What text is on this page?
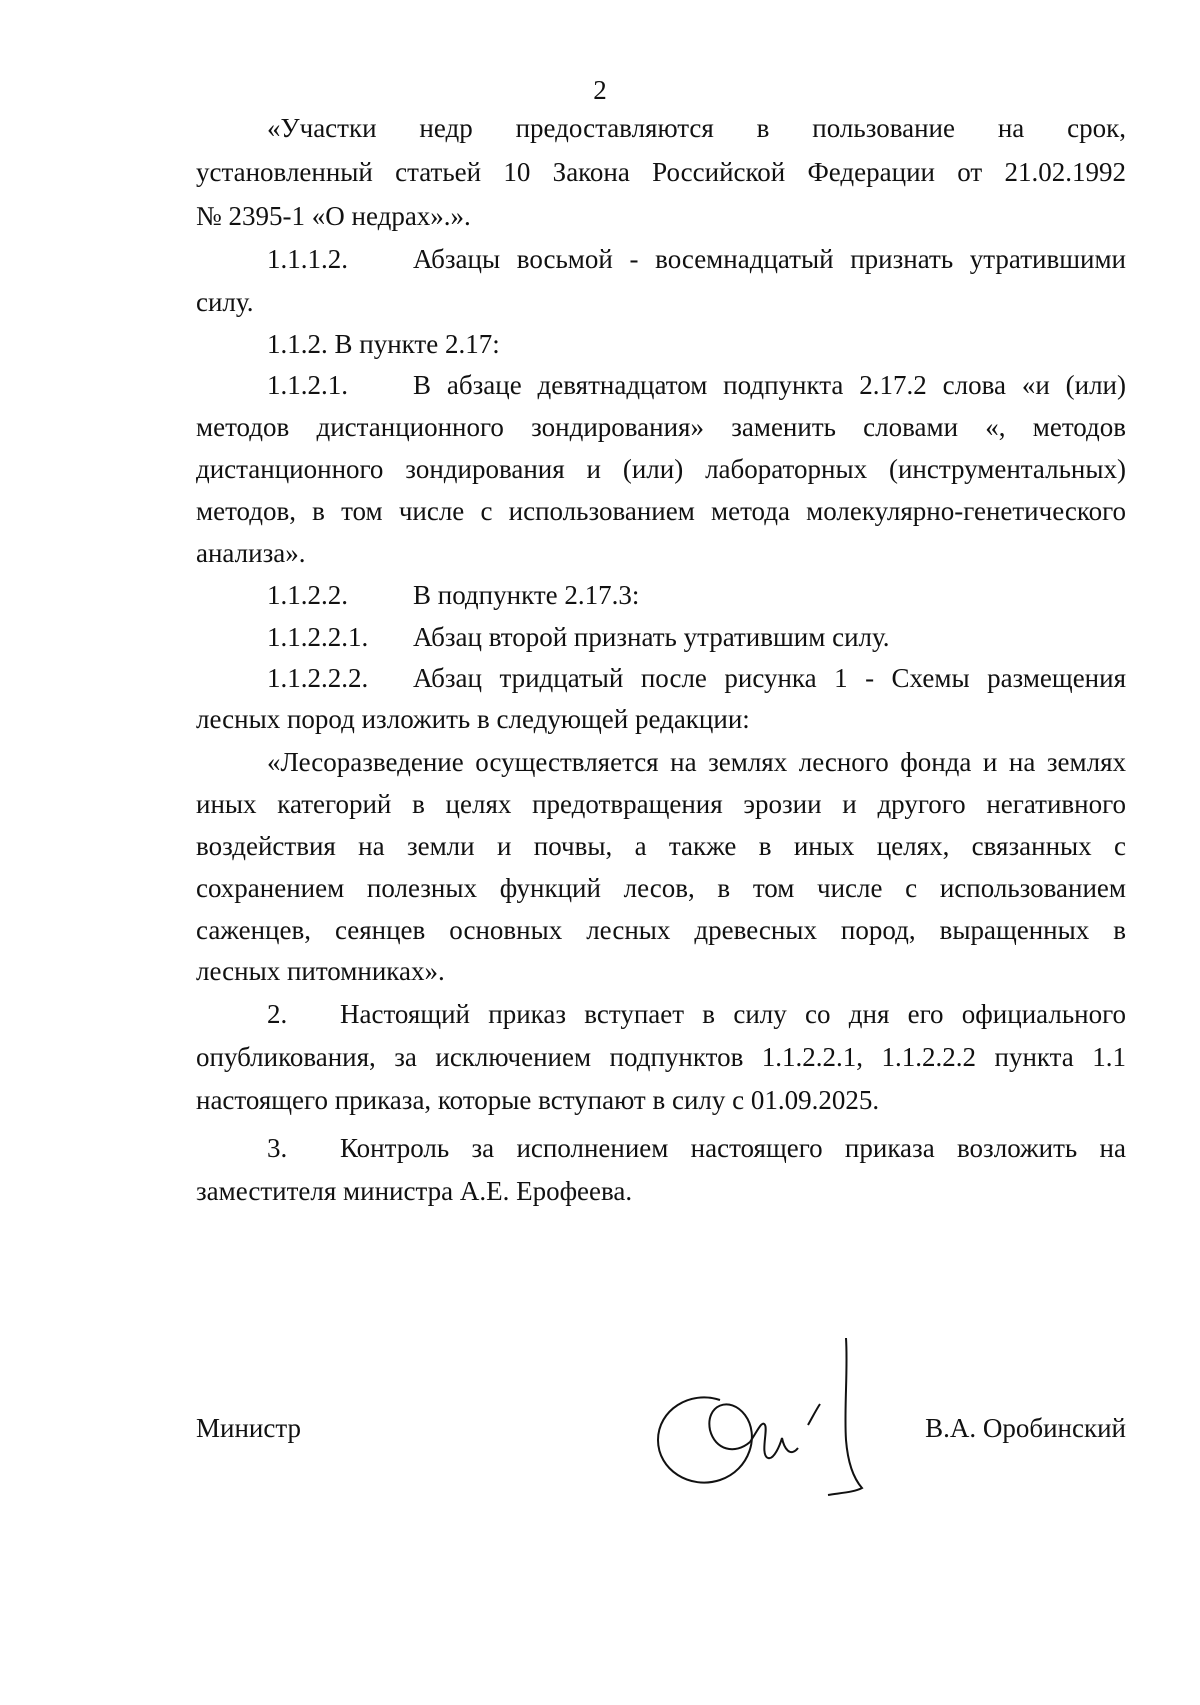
2
«Участки недр предоставляются в пользование на срок,
установленный статьей 10 Закона Российской Федерации от 21.02.1992
№ 2395-1 «О недрах».».
1.1.1.2.	Абзацы восьмой - восемнадцатый признать утратившими
силу.
1.1.2. В пункте 2.17:
1.1.2.1.	В абзаце девятнадцатом подпункта 2.17.2 слова «и (или)
методов дистанционного зондирования» заменить словами «, методов
дистанционного зондирования и (или) лабораторных (инструментальных)
методов, в том числе с использованием метода молекулярно-генетического
анализа».
1.1.2.2.	В подпункте 2.17.3:
1.1.2.2.1.	Абзац второй признать утратившим силу.
1.1.2.2.2.	Абзац тридцатый после рисунка 1 - Схемы размещения
лесных пород изложить в следующей редакции:
«Лесоразведение осуществляется на землях лесного фонда и на землях
иных категорий в целях предотвращения эрозии и другого негативного
воздействия на земли и почвы, а также в иных целях, связанных с
сохранением полезных функций лесов, в том числе с использованием
саженцев, сеянцев основных лесных древесных пород, выращенных в
лесных питомниках».
2.	Настоящий приказ вступает в силу со дня его официального
опубликования, за исключением подпунктов 1.1.2.2.1, 1.1.2.2.2 пункта 1.1
настоящего приказа, которые вступают в силу с 01.09.2025.
3.	Контроль за исполнением настоящего приказа возложить на
заместителя министра А.Е. Ерофеева.
Министр	В.А. Оробинский
